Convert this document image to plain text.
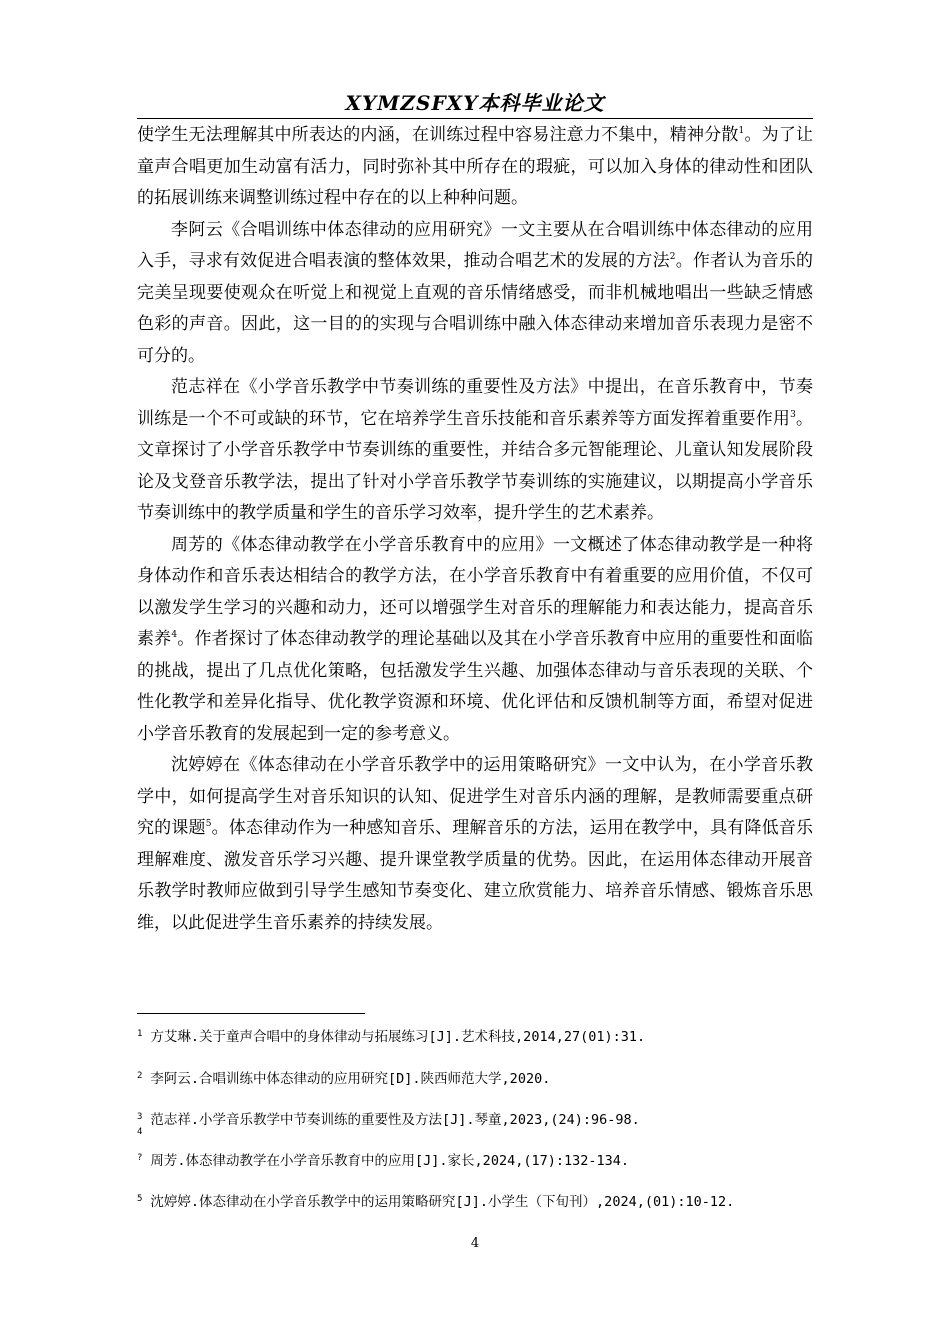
XYMZSFXY本科毕业论文

使学生无法理解其中所表达的内涵，在训练过程中容易注意力不集中，精神分散$^1$。为了让童声合唱更加生动富有活力，同时弥补其中所存在的瑕疵，可以加入身体的律动性和团队的拓展训练来调整训练过程中存在的以上种种问题。

李阿云《合唱训练中体态律动的应用研究》一文主要从在合唱训练中体态律动的应用入手，寻求有效促进合唱表演的整体效果，推动合唱艺术的发展的方法$^2$。作者认为音乐的完美呈现要使观众在听觉上和视觉上直观的音乐情绪感受，而非机械地唱出一些缺乏情感色彩的声音。因此，这一目的的实现与合唱训练中融入体态律动来增加音乐表现力是密不可分的。

范志祥在《小学音乐教学中节奏训练的重要性及方法》中提出，在音乐教育中，节奏训练是一个不可或缺的环节，它在培养学生音乐技能和音乐素养等方面发挥着重要作用$^3$。文章探讨了小学音乐教学中节奏训练的重要性，并结合多元智能理论、儿童认知发展阶段论及戈登音乐教学法，提出了针对小学音乐教学节奏训练的实施建议，以期提高小学音乐节奏训练中的教学质量和学生的音乐学习效率，提升学生的艺术素养。

周芳的《体态律动教学在小学音乐教育中的应用》一文概述了体态律动教学是一种将身体动作和音乐表达相结合的教学方法，在小学音乐教育中有着重要的应用价值，不仅可以激发学生学习的兴趣和动力，还可以增强学生对音乐的理解能力和表达能力，提高音乐素养$^4$。作者探讨了体态律动教学的理论基础以及其在小学音乐教育中应用的重要性和面临的挑战，提出了几点优化策略，包括激发学生兴趣、加强体态律动与音乐表现的关联、个性化教学和差异化指导、优化教学资源和环境、优化评估和反馈机制等方面，希望对促进小学音乐教育的发展起到一定的参考意义。

沈婷婷在《体态律动在小学音乐教学中的运用策略研究》一文中认为，在小学音乐教学中，如何提高学生对音乐知识的认知、促进学生对音乐内涵的理解，是教师需要重点研究的课题$^5$。体态律动作为一种感知音乐、理解音乐的方法，运用在教学中，具有降低音乐理解难度、激发音乐学习兴趣、提升课堂教学质量的优势。因此，在运用体态律动开展音乐教学时教师应做到引导学生感知节奏变化、建立欣赏能力、培养音乐情感、锻炼音乐思维，以此促进学生音乐素养的持续发展。

$^1$ 方艾琳.关于童声合唱中的身体律动与拓展练习[J].艺术科技,2014,27(01):31.
$^2$ 李阿云.合唱训练中体态律动的应用研究[D].陕西师范大学,2020.
$^3$ 范志祥.小学音乐教学中节奏训练的重要性及方法[J].琴童,2023,(24):96-98.
4
? 周芳.体态律动教学在小学音乐教育中的应用[J].家长,2024,(17):132-134.
$^5$ 沈婷婷.体态律动在小学音乐教学中的运用策略研究[J].小学生（下旬刊）,2024,(01):10-12.
4
